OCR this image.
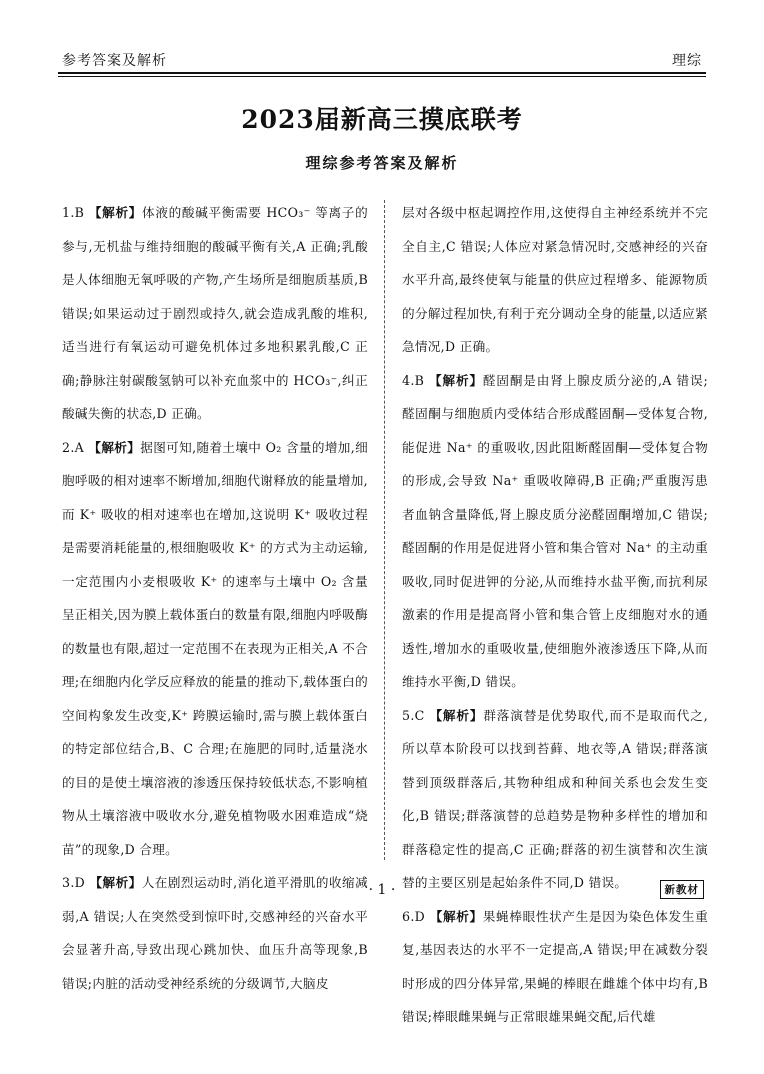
参考答案及解析	理综
2023届新高三摸底联考
理综参考答案及解析

1.B 【解析】体液的酸碱平衡需要 HCO₃⁻ 等离子的参与,无机盐与维持细胞的酸碱平衡有关,A 正确;乳酸是人体细胞无氧呼吸的产物,产生场所是细胞质基质,B 错误;如果运动过于剧烈或持久,就会造成乳酸的堆积,适当进行有氧运动可避免机体过多地积累乳酸,C 正确;静脉注射碳酸氢钠可以补充血浆中的 HCO₃⁻,纠正酸碱失衡的状态,D 正确。

2.A 【解析】据图可知,随着土壤中 O₂ 含量的增加,细胞呼吸的相对速率不断增加,细胞代谢释放的能量增加,而 K⁺ 吸收的相对速率也在增加,这说明 K⁺ 吸收过程是需要消耗能量的,根细胞吸收 K⁺ 的方式为主动运输,一定范围内小麦根吸收 K⁺ 的速率与土壤中 O₂ 含量呈正相关,因为膜上载体蛋白的数量有限,细胞内呼吸酶的数量也有限,超过一定范围不在表现为正相关,A 不合理;在细胞内化学反应释放的能量的推动下,载体蛋白的空间构象发生改变,K⁺ 跨膜运输时,需与膜上载体蛋白的特定部位结合,B、C 合理;在施肥的同时,适量浇水的目的是使土壤溶液的渗透压保持较低状态,不影响植物从土壤溶液中吸收水分,避免植物吸水困难造成“烧苗”的现象,D 合理。

3.D 【解析】人在剧烈运动时,消化道平滑肌的收缩减弱,A 错误;人在突然受到惊吓时,交感神经的兴奋水平会显著升高,导致出现心跳加快、血压升高等现象,B 错误;内脏的活动受神经系统的分级调节,大脑皮

层对各级中枢起调控作用,这使得自主神经系统并不完全自主,C 错误;人体应对紧急情况时,交感神经的兴奋水平升高,最终使氧与能量的供应过程增多、能源物质的分解过程加快,有利于充分调动全身的能量,以适应紧急情况,D 正确。

4.B 【解析】醛固酮是由肾上腺皮质分泌的,A 错误;醛固酮与细胞质内受体结合形成醛固酮—受体复合物,能促进 Na⁺ 的重吸收,因此阻断醛固酮—受体复合物的形成,会导致 Na⁺ 重吸收障碍,B 正确;严重腹泻患者血钠含量降低,肾上腺皮质分泌醛固酮增加,C 错误;醛固酮的作用是促进肾小管和集合管对 Na⁺ 的主动重吸收,同时促进钾的分泌,从而维持水盐平衡,而抗利尿激素的作用是提高肾小管和集合管上皮细胞对水的通透性,增加水的重吸收量,使细胞外液渗透压下降,从而维持水平衡,D 错误。

5.C 【解析】群落演替是优势取代,而不是取而代之,所以草本阶段可以找到苔藓、地衣等,A 错误;群落演替到顶级群落后,其物种组成和种间关系也会发生变化,B 错误;群落演替的总趋势是物种多样性的增加和群落稳定性的提高,C 正确;群落的初生演替和次生演替的主要区别是起始条件不同,D 错误。

6.D 【解析】果蝇棒眼性状产生是因为染色体发生重复,基因表达的水平不一定提高,A 错误;甲在减数分裂时形成的四分体异常,果蝇的棒眼在雌雄个体中均有,B 错误;棒眼雌果蝇与正常眼雄果蝇交配,后代雄

· 1 ·	新教材
